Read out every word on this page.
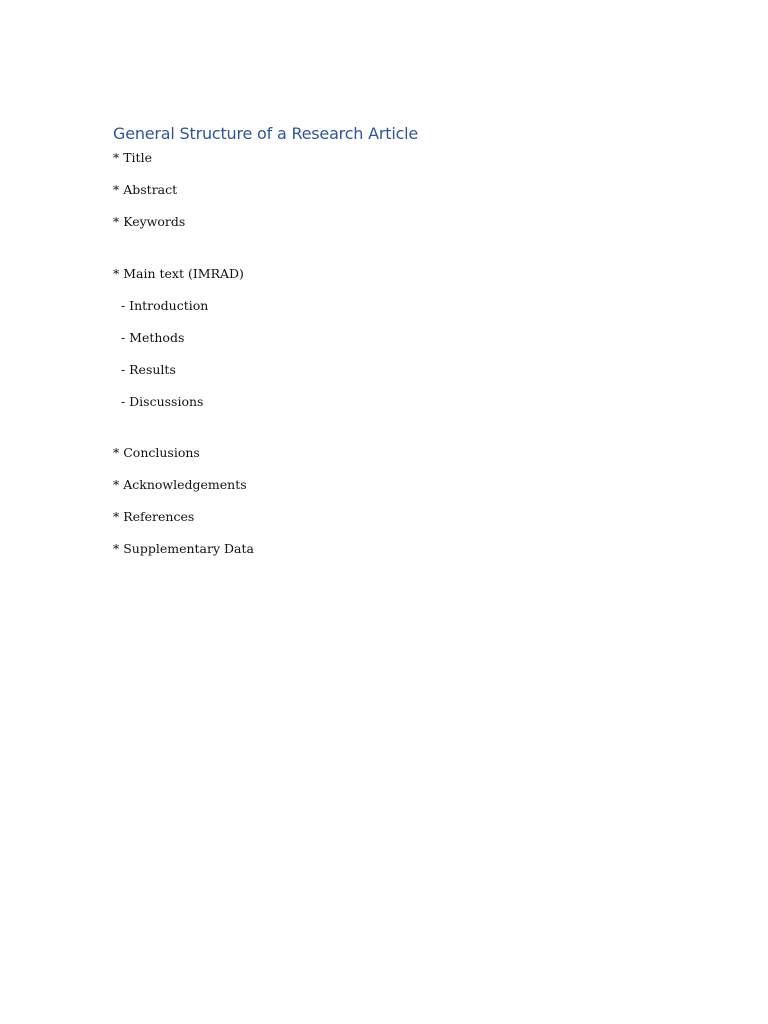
General Structure of a Research Article

* Title

* Abstract

* Keywords

* Main text (IMRAD)

- Introduction

- Methods

- Results

- Discussions

* Conclusions

* Acknowledgements

* References

* Supplementary Data
